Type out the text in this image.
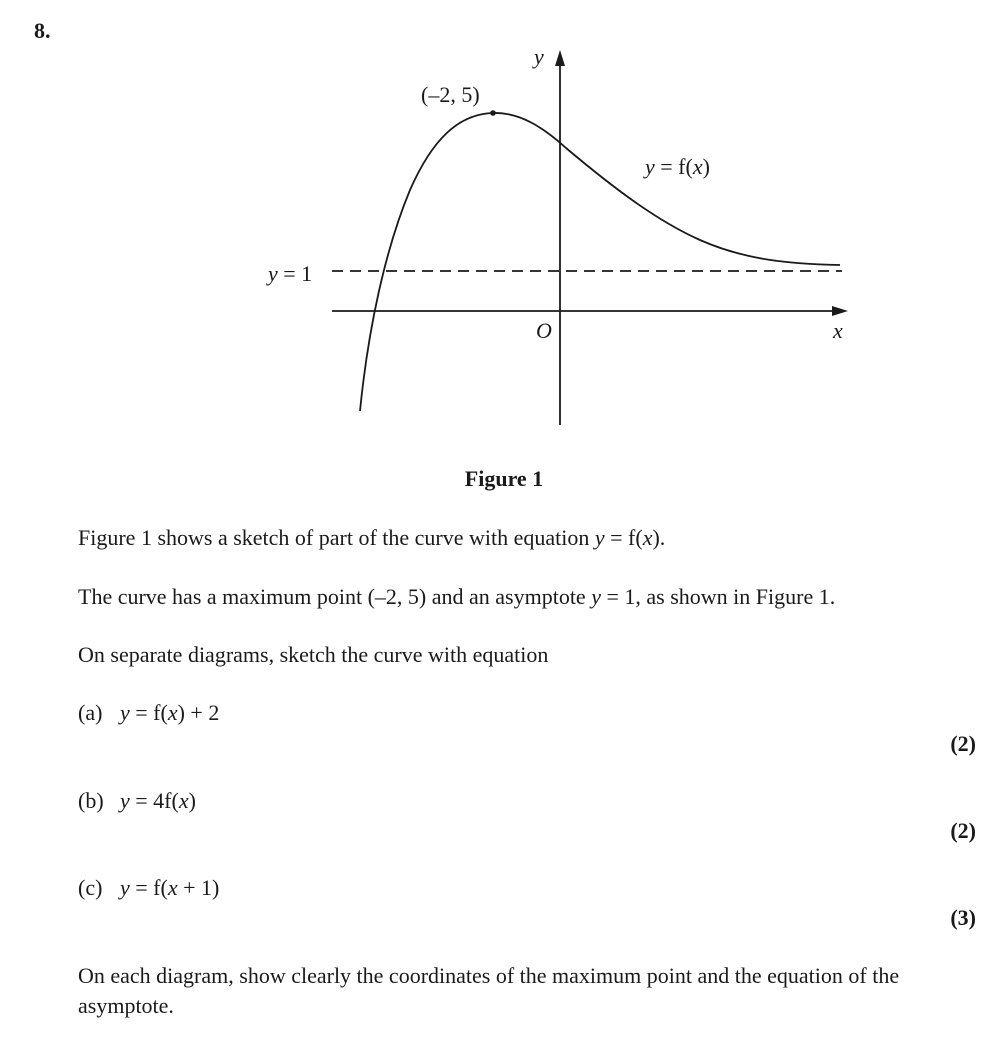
8.
y
x
O
(–2, 5)
y = f(x)
y = 1
Figure 1
Figure 1 shows a sketch of part of the curve with equation y = f(x).
The curve has a maximum point (–2, 5) and an asymptote y = 1, as shown in Figure 1.
On separate diagrams, sketch the curve with equation
(a) y = f(x) + 2
(2)
(b) y = 4f(x)
(2)
(c) y = f(x + 1)
(3)
On each diagram, show clearly the coordinates of the maximum point and the equation of the asymptote.
